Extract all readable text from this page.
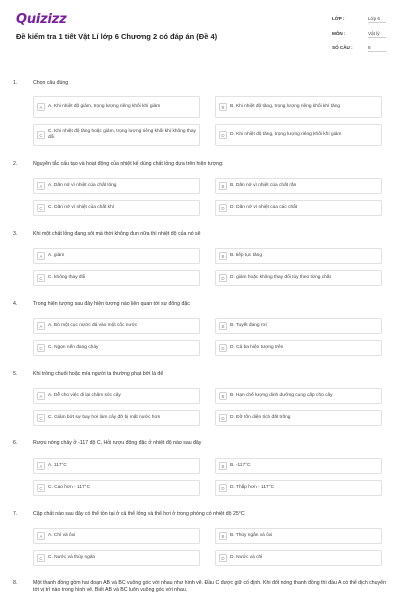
Quizizz
Đề kiểm tra 1 tiết Vật Lí lớp 6 Chương 2 có đáp án (Đề 4)
LỚP :	Lớp 6
MÔN :	Vật lý
SỐ CÂU :	8
1.	Chọn câu đúng
A	A. Khi nhiệt độ giảm, trọng lượng riêng khối khí giảm	B	B. Khi nhiệt độ tăng, trọng lượng riêng khối khí tăng
C
C. Khi nhiệt độ tăng hoặc giảm, trọng lượng riêng khối khí không thay đổi	D	D. Khi nhiệt độ tăng, trọng lượng riêng khối khí giảm
2.	Nguyên tắc cấu tạo và hoạt động của nhiệt kế dùng chất lỏng dựa trên hiện tượng:
A	A. Dãn nở vì nhiệt của chất lỏng	B	B. Dãn nở vì nhiệt của chất rắn
C	C. Dãn nở vì nhiệt của chất khí	D	D. Dãn nở vì nhiệt của các chất
3.	Khi một chất lỏng đang sôi mà thời không đun nữa thì nhiệt độ của nó sẽ
A	A. giảm	B	B. tiếp tục tăng
C	C. không thay đổi	D	D. giảm hoặc không thay đổi tùy theo từng chất
4.	Trong hiện tượng sau đây hiện tượng nào liên quan tới sự đông đặc
A	A. Bỏ một cục nước đá vào một cốc nước	B	B. Tuyết đang rơi
C	C. Ngọn nến đang cháy	D	D. Cả ba hiện tượng trên
5.	Khi trồng chuối hoặc mía người ta thường phạt bớt lá để
A	A. Dễ cho việc đi lại chăm sóc cây	B	B. Hạn chế lượng dinh dưỡng cung cấp cho cây
C	C. Giảm bớt sự bay hơi làm cây đỡ bị mất nước hơn	D	D. Đỡ tốn diện tích đất trồng
6.	Rượu nóng chảy ở -117 độ C. Hỏi rượu đông đặc ở nhiệt độ nào sau đây
A	A. 117°C	B	B. -117°C
C	C. Cao hơn - 117°C	D	D. Thấp hơn - 117°C
7.	Cặp chất nào sau đây có thể tồn tại ở cả thể lỏng và thể hơi ở trong phòng có nhiệt độ 25°C
A	A. Chì và ôxi	B	B. Thủy ngân và ôxi
C	C. Nước và thủy ngân	D	D. Nước và chì
8.	Một thanh đồng gồm hai đoạn AB và BC vuông góc với nhau như hình vẽ. Đầu C được giữ cố định. Khi đốt nóng thanh đồng thì đầu A có thể dịch chuyển tới vị trí nào trong hình vẽ. Biết AB và BC luôn vuông góc với nhau.
